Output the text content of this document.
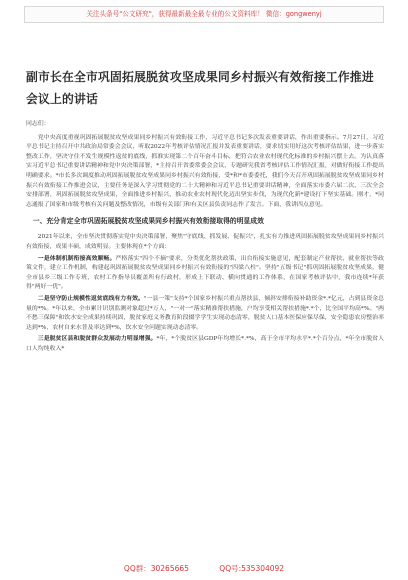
关注头条号"公文研究"，获得最新最全最专业的公文资料库！ 微信：gongwenyj
副市长在全市巩固拓展脱贫攻坚成果同乡村振兴有效衔接工作推进
会议上的讲话

同志们：

党中央高度重视巩固拓展脱贫攻坚成果同乡村振兴有效衔接工作，习近平总书记多次发表重要讲话，作出重要指示。7月27日，习近平总书记主持召开中共政治局常委会会议，听取2022年考核评估情况汇报并发表重要讲话，要求切实用好这次考核评估结果，进一步落实整改工作，坚决守住不发生规模性返贫的底线，抓准实现第二个百年奋斗目标，把符合农业农村现代化标准的乡村振兴摆上去。为认真落实习近平总书记重要讲话精神和党中央决策部署，*主持召开省委常委会会议，专题研究我省考核评估工作情况汇报，对做好衔接工作提出明确要求。*市长多次调度推动巩固拓展脱贫攻坚成果同乡村振兴有效衔接，受*和*市委委托，我们今天召开巩固拓展脱贫攻坚成果同乡村振兴有效衔接工作推进会议，主要任务是深入学习贯彻党的二十大精神和习近平总书记重要讲话精神，全面落实市委六届二次、三次全会安排部署，巩固拓展脱贫攻坚成果，全面推进乡村振兴，推动农业农村现代化迈出坚实步伐，为现代化新*建设打下坚实基础。刚才，*同志通报了国家和市级考核有关问题及整改情况，市级有关部门和有关区县负责同志作了发言。下面，我讲四点意见。

一、充分肯定全市巩固拓展脱贫攻坚成果同乡村振兴有效衔接取得的明显成效

2021年以来，全市坚决贯彻落实党中央决策部署，聚焦"守底线、抓发展、促振兴"，扎实有力推进巩固拓展脱贫攻坚成果同乡村振兴有效衔接，成果丰硕，成效明显。主要体现在*个方面：

一是体制机制衔接高效顺畅。严格落实"四个不摘"要求，分类优化帮扶政策，出台衔接实施意见，配套制定产业帮扶、就业帮扶等政策文件，建立工作机制，构建起巩固拓展脱贫攻坚成果同乡村振兴有效衔接的"四梁八柱"。坚持"五级书记"抓巩固拓展脱贫攻坚成果，健全市县乡三级工作专班，农村工作指导员覆盖所有行政村，形成上下联动、横向贯通的工作体系，在国家考核评估中，我市连续*年获得"两好一优"。

二是坚守防止规模性返贫底线有力有效。"一县一策"支持*个国家乡村振兴重点帮扶县，倾斜安排衔接补助资金*.*亿元，占到县资金总量的*%。*年以来，全市累计识别监测对象超过*万人，"一对一"落实精准帮扶措施，户均享受相关帮扶措施*.*个，比全国平均高*%。"两不愁三保障"和饮水安全成果持续巩固，脱贫家庭义务教育阶段辍学学生实现动态清零，脱贫人口基本医保应保尽保，安全隐患农房整治率达到*%，农村自来水普及率达到*%，饮水安全问题实现动态清零。

三是脱贫区县和脱贫群众发展动力明显增强。*年，*个脱贫区县GDP年均增长*.*%，高于全市平均水平*.*个百分点，*年全市脱贫人口人均纯收入*

QQ群：30265665	QQ号:535304092
